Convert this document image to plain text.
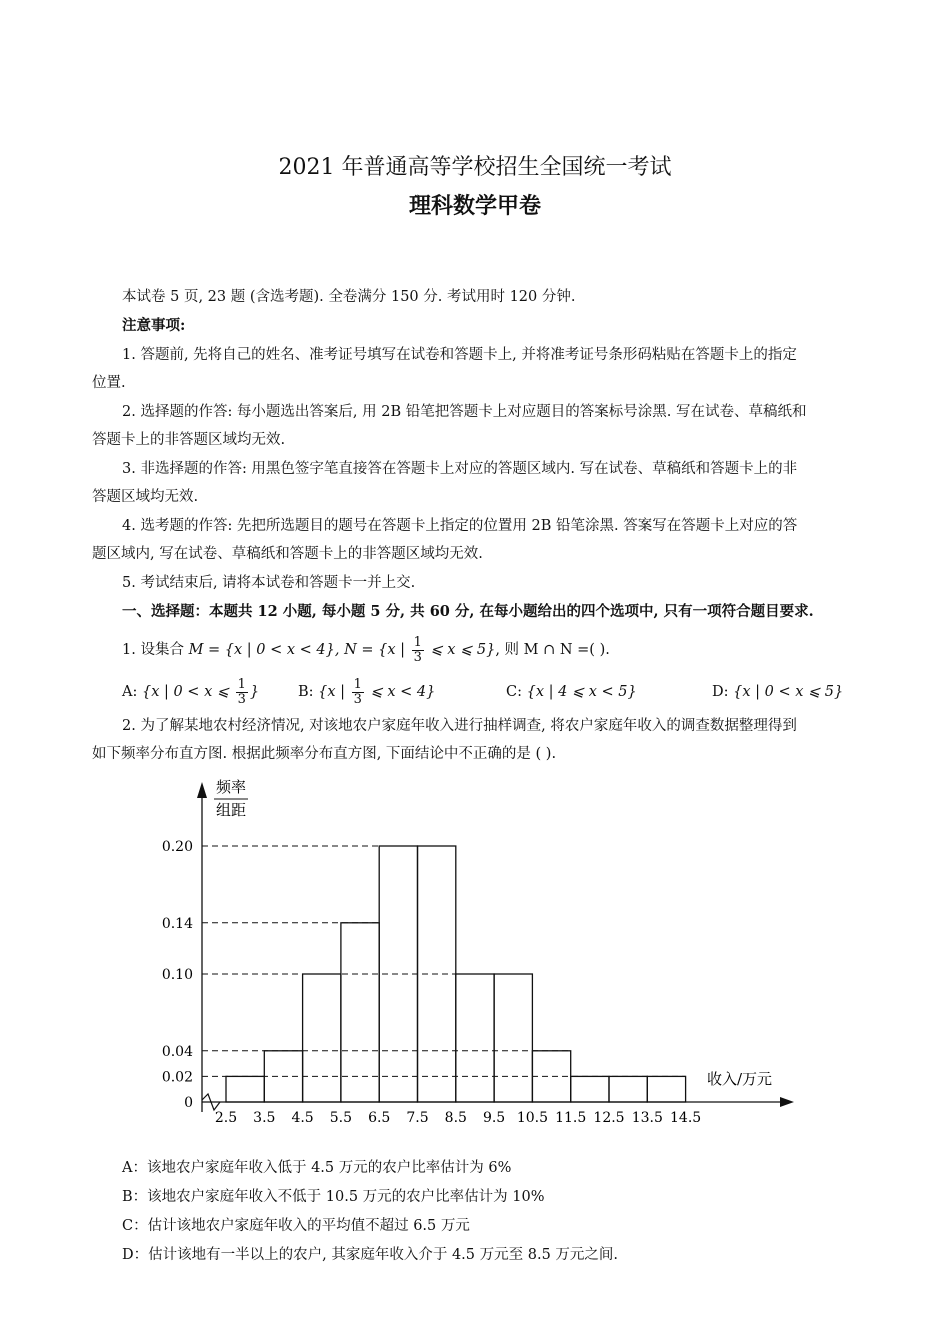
2021 年普通高等学校招生全国统一考试
理科数学甲卷
本试卷 5 页, 23 题 (含选考题). 全卷满分 150 分. 考试用时 120 分钟.
注意事项:
1. 答题前, 先将自己的姓名、准考证号填写在试卷和答题卡上, 并将准考证号条形码粘贴在答题卡上的指定
位置.
2. 选择题的作答: 每小题选出答案后, 用 2B 铅笔把答题卡上对应题目的答案标号涂黑. 写在试卷、草稿纸和
答题卡上的非答题区域均无效.
3. 非选择题的作答: 用黑色签字笔直接答在答题卡上对应的答题区域内. 写在试卷、草稿纸和答题卡上的非
答题区域均无效.
4. 选考题的作答: 先把所选题目的题号在答题卡上指定的位置用 2B 铅笔涂黑. 答案写在答题卡上对应的答
题区域内, 写在试卷、草稿纸和答题卡上的非答题区域均无效.
5. 考试结束后, 请将本试卷和答题卡一并上交.
一、选择题：本题共 12 小题, 每小题 5 分, 共 60 分, 在每小题给出的四个选项中, 只有一项符合题目要求.
1. 设集合 M = {x | 0 < x < 4}, N = {x | $\frac{1}{3}$ ⩽ x ⩽ 5}, 则 M ∩ N =( ).
A: {x | 0 < x ⩽ $\frac{1}{3}$ }	B: {x | $\frac{1}{3}$ ⩽ x < 4}	C: {x | 4 ⩽ x < 5}	D: {x | 0 < x ⩽ 5}
2. 为了解某地农村经济情况, 对该地农户家庭年收入进行抽样调查, 将农户家庭年收入的调查数据整理得到
如下频率分布直方图. 根据此频率分布直方图, 下面结论中不正确的是 ( ).
0.02
0.04
0.10
0.14
0.20
0
2.5 3.5 4.5 5.5 6.5 7.5 8.5 9.5 10.5 11.5 12.5 13.5 14.5
收入/万元
频率
组距
A：该地农户家庭年收入低于 4.5 万元的农户比率估计为 6%
B：该地农户家庭年收入不低于 10.5 万元的农户比率估计为 10%
C：估计该地农户家庭年收入的平均值不超过 6.5 万元
D：估计该地有一半以上的农户, 其家庭年收入介于 4.5 万元至 8.5 万元之间.
